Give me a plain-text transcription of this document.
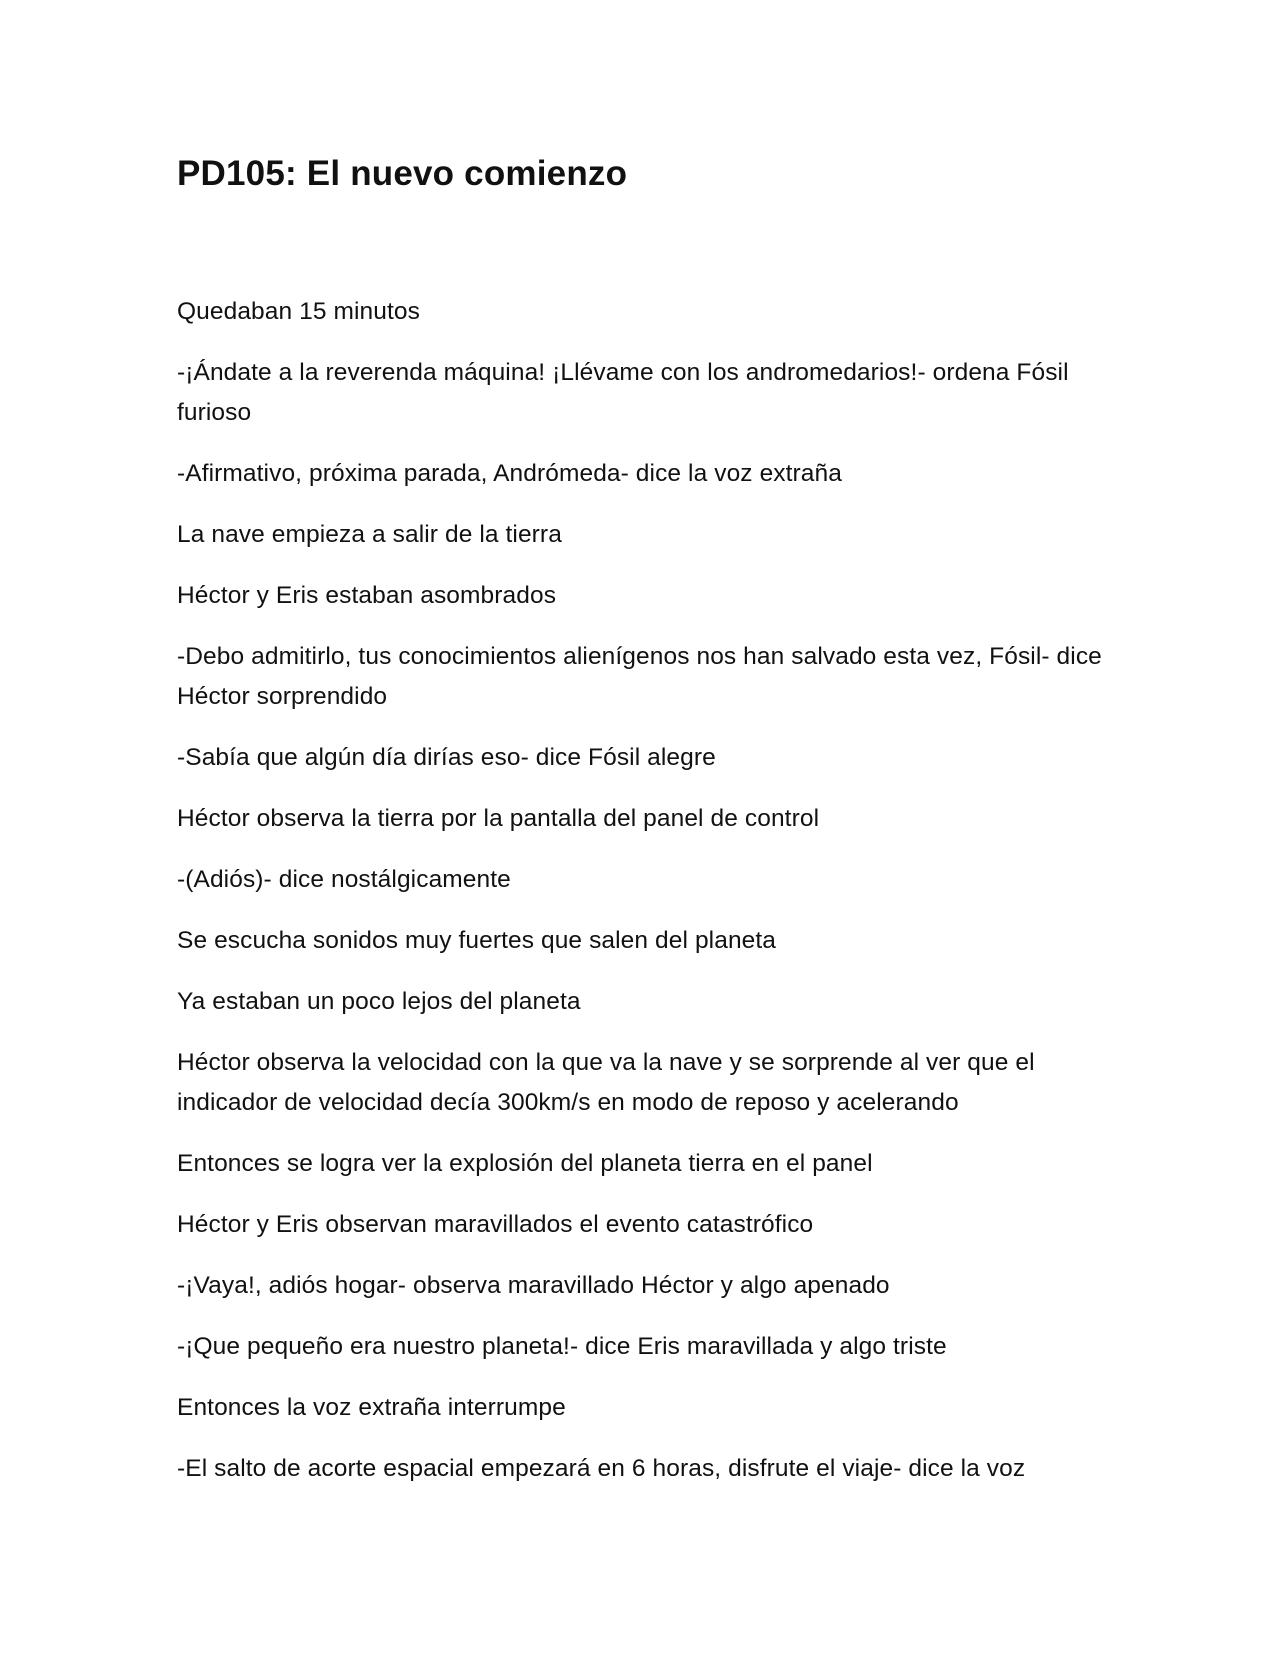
PD105: El nuevo comienzo

Quedaban 15 minutos

-¡Ándate a la reverenda máquina! ¡Llévame con los andromedarios!- ordena Fósil furioso

-Afirmativo, próxima parada, Andrómeda- dice la voz extraña

La nave empieza a salir de la tierra

Héctor y Eris estaban asombrados

-Debo admitirlo, tus conocimientos alienígenos nos han salvado esta vez, Fósil- dice Héctor sorprendido

-Sabía que algún día dirías eso- dice Fósil alegre

Héctor observa la tierra por la pantalla del panel de control

-(Adiós)- dice nostálgicamente

Se escucha sonidos muy fuertes que salen del planeta

Ya estaban un poco lejos del planeta

Héctor observa la velocidad con la que va la nave y se sorprende al ver que el indicador de velocidad decía 300km/s en modo de reposo y acelerando

Entonces se logra ver la explosión del planeta tierra en el panel

Héctor y Eris observan maravillados el evento catastrófico

-¡Vaya!, adiós hogar- observa maravillado Héctor y algo apenado

-¡Que pequeño era nuestro planeta!- dice Eris maravillada y algo triste

Entonces la voz extraña interrumpe

-El salto de acorte espacial empezará en 6 horas, disfrute el viaje- dice la voz
